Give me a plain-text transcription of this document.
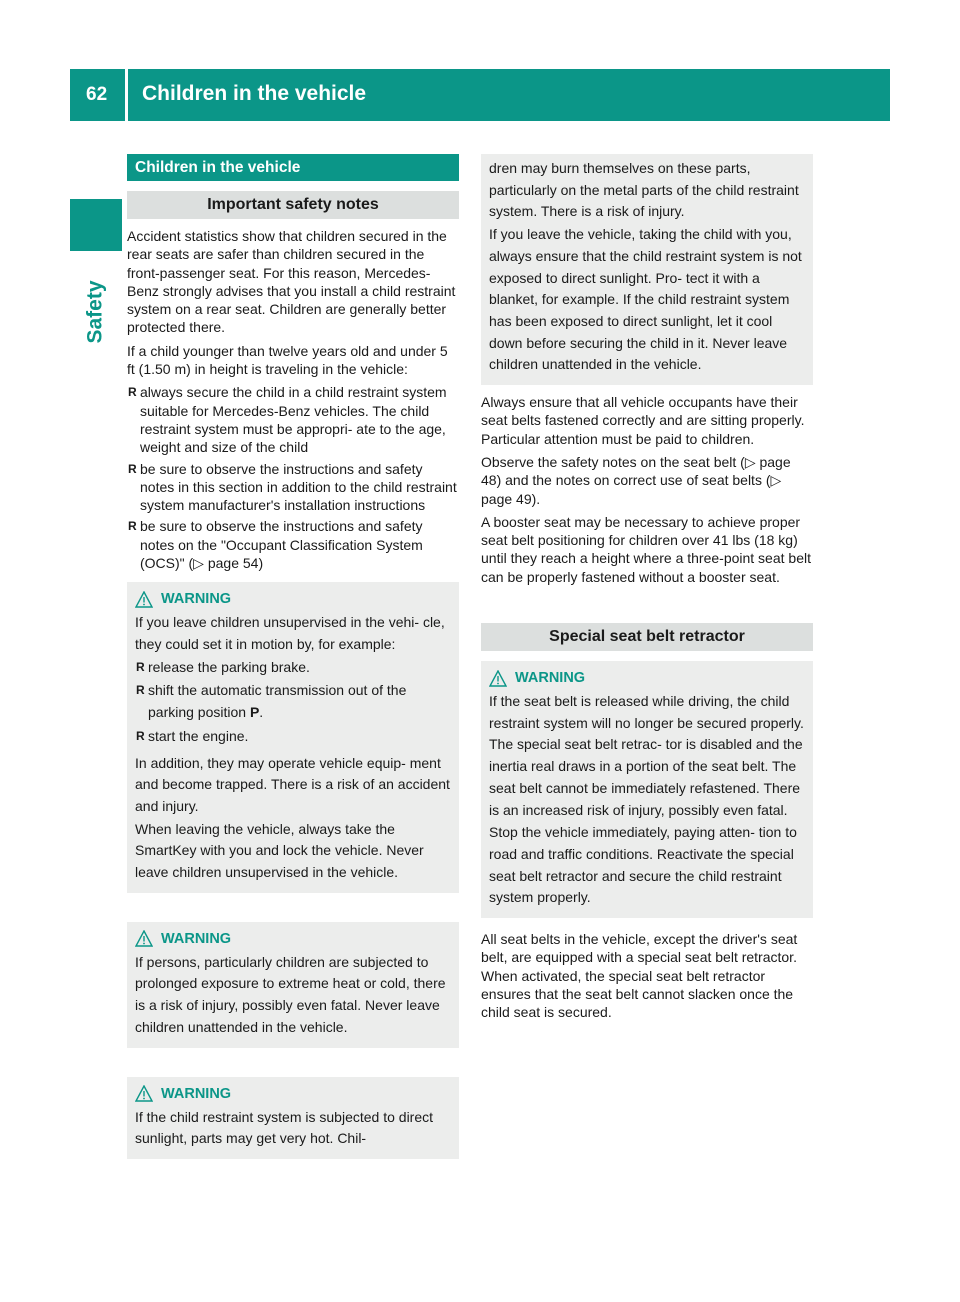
62 Children in the vehicle
Safety
Children in the vehicle
Important safety notes

Accident statistics show that children secured in the rear seats are safer than children secured in the front-passenger seat. For this reason, Mercedes-Benz strongly advises that you install a child restraint system on a rear seat. Children are generally better protected there.

If a child younger than twelve years old and under 5 ft (1.50 m) in height is traveling in the vehicle:

R always secure the child in a child restraint system suitable for Mercedes-Benz vehicles. The child restraint system must be appropri- ate to the age, weight and size of the child
R be sure to observe the instructions and safety notes in this section in addition to the child restraint system manufacturer's installation instructions
R be sure to observe the instructions and safety notes on the "Occupant Classification System (OCS)" (▷ page 54)
WARNING

If you leave children unsupervised in the vehi- cle, they could set it in motion by, for example:

R release the parking brake.
R shift the automatic transmission out of the parking position P.
R start the engine.

In addition, they may operate vehicle equip- ment and become trapped. There is a risk of an accident and injury.

When leaving the vehicle, always take the SmartKey with you and lock the vehicle. Never leave children unsupervised in the vehicle.

WARNING

If persons, particularly children are subjected to prolonged exposure to extreme heat or cold, there is a risk of injury, possibly even fatal. Never leave children unattended in the vehicle.

WARNING

If the child restraint system is subjected to direct sunlight, parts may get very hot. Chil-

dren may burn themselves on these parts, particularly on the metal parts of the child restraint system. There is a risk of injury.

If you leave the vehicle, taking the child with you, always ensure that the child restraint system is not exposed to direct sunlight. Pro- tect it with a blanket, for example. If the child restraint system has been exposed to direct sunlight, let it cool down before securing the child in it. Never leave children unattended in the vehicle.

Always ensure that all vehicle occupants have their seat belts fastened correctly and are sitting properly. Particular attention must be paid to children.

Observe the safety notes on the seat belt (▷ page 48) and the notes on correct use of seat belts (▷ page 49).

A booster seat may be necessary to achieve proper seat belt positioning for children over 41 lbs (18 kg) until they reach a height where a three-point seat belt can be properly fastened without a booster seat.

Special seat belt retractor
WARNING

If the seat belt is released while driving, the child restraint system will no longer be secured properly. The special seat belt retrac- tor is disabled and the inertia real draws in a portion of the seat belt. The seat belt cannot be immediately refastened. There is an increased risk of injury, possibly even fatal.

Stop the vehicle immediately, paying atten- tion to road and traffic conditions. Reactivate the special seat belt retractor and secure the child restraint system properly.

All seat belts in the vehicle, except the driver's seat belt, are equipped with a special seat belt retractor. When activated, the special seat belt retractor ensures that the seat belt cannot slacken once the child seat is secured.
